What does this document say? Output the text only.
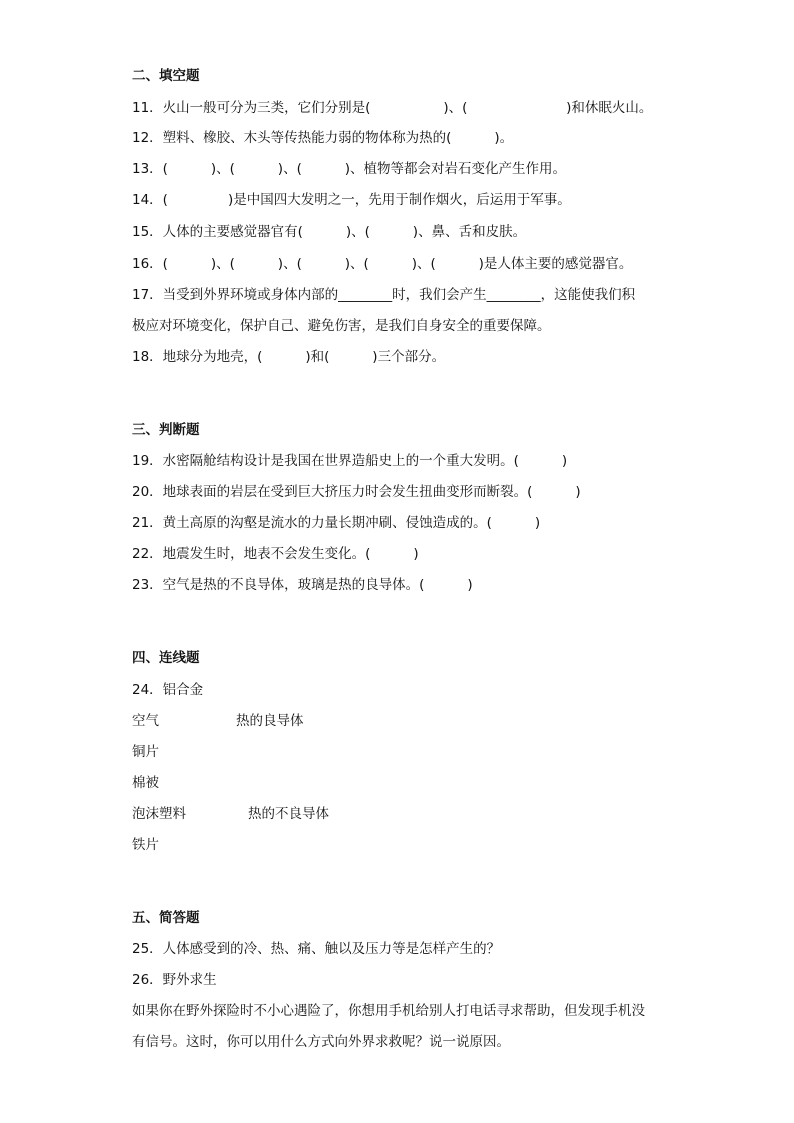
二、填空题
11．火山一般可分为三类，它们分别是(                 )、(                       )和休眠火山。
12．塑料、橡胶、木头等传热能力弱的物体称为热的(          )。
13．(          )、(          )、(          )、植物等都会对岩石变化产生作用。
14．(              )是中国四大发明之一，先用于制作烟火，后运用于军事。
15．人体的主要感觉器官有(          )、(          )、鼻、舌和皮肤。
16．(          )、(          )、(          )、(          )、(          )是人体主要的感觉器官。
17．当受到外界环境或身体内部的________时，我们会产生________，这能使我们积
极应对环境变化，保护自己、避免伤害，是我们自身安全的重要保障。
18．地球分为地壳，(          )和(          )三个部分。
三、判断题
19．水密隔舱结构设计是我国在世界造船史上的一个重大发明。(          )
20．地球表面的岩层在受到巨大挤压力时会发生扭曲变形而断裂。(          )
21．黄土高原的沟壑是流水的力量长期冲刷、侵蚀造成的。(          )
22．地震发生时，地表不会发生变化。(          )
23．空气是热的不良导体，玻璃是热的良导体。(          )
四、连线题
24．铝合金
空气	热的良导体
铜片
棉被
泡沫塑料	热的不良导体
铁片
五、简答题
25．人体感受到的冷、热、痛、触以及压力等是怎样产生的？
26．野外求生
如果你在野外探险时不小心遇险了，你想用手机给别人打电话寻求帮助，但发现手机没
有信号。这时，你可以用什么方式向外界求救呢？说一说原因。
